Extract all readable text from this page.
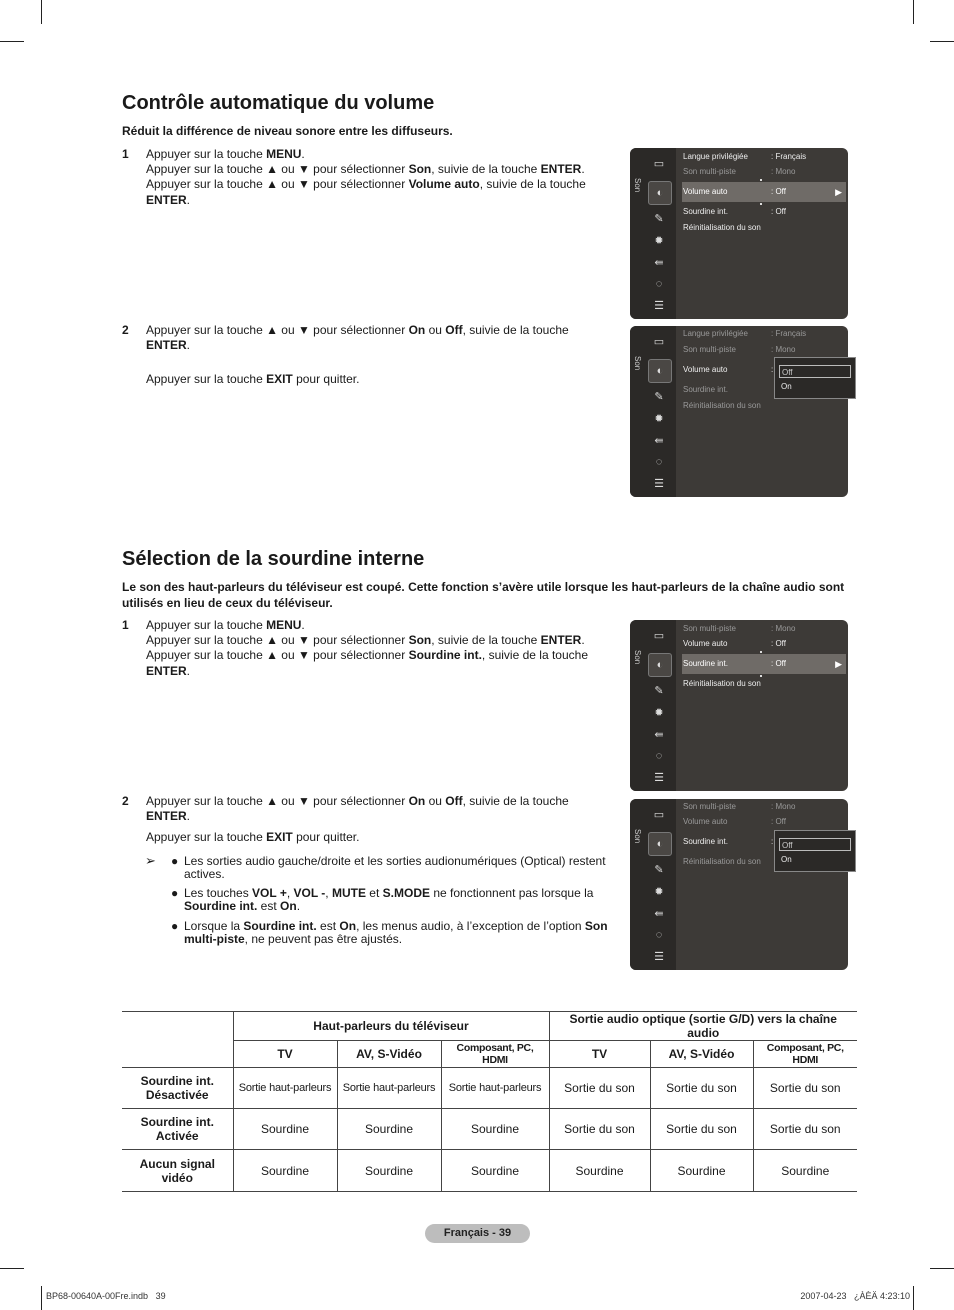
Contrôle automatique du volume

Réduit la différence de niveau sonore entre les diffuseurs.

1 Appuyer sur la touche MENU.

Appuyer sur la touche ▲ ou ▼ pour sélectionner Son, suivie de la touche ENTER.

Appuyer sur la touche ▲ ou ▼ pour sélectionner Volume auto, suivie de la touche

ENTER.

2 Appuyer sur la touche ▲ ou ▼ pour sélectionner On ou Off, suivie de la touche

ENTER.

Appuyer sur la touche EXIT pour quitter.

Son
▭
◐
✎
✹
⇚
◌
☰
Langue privilégiée	: Français
Son multi-piste	: Mono
Volume auto	: Off	▶
Sourdine int.	: Off
Réinitialisation du son
Son
▭
◐
✎
✹
⇚
◌
☰
Langue privilégiée	: Français
Son multi-piste	: Mono
Volume auto	:
Sourdine int.
Réinitialisation du son
Off
On
Sélection de la sourdine interne

Le son des haut-parleurs du téléviseur est coupé. Cette fonction s’avère utile lorsque les haut-parleurs de la chaîne audio sont utilisés en lieu de ceux du téléviseur.

1 Appuyer sur la touche MENU.

Appuyer sur la touche ▲ ou ▼ pour sélectionner Son, suivie de la touche ENTER.

Appuyer sur la touche ▲ ou ▼ pour sélectionner Sourdine int., suivie de la touche

ENTER.

2 Appuyer sur la touche ▲ ou ▼ pour sélectionner On ou Off, suivie de la touche

ENTER.

Appuyer sur la touche EXIT pour quitter.

➢ ● Les sorties audio gauche/droite et les sorties audionumériques (Optical) restent actives.
● Les touches VOL +, VOL -, MUTE et S.MODE ne fonctionnent pas lorsque la Sourdine int. est On.
● Lorsque la Sourdine int. est On, les menus audio, à l’exception de l’option Son multi-piste, ne peuvent pas être ajustés.
Son
▭
◐
✎
✹
⇚
◌
☰
Son multi-piste	: Mono
Volume auto	: Off
Sourdine int.	: Off	▶
Réinitialisation du son
Son
▭
◐
✎
✹
⇚
◌
☰
Son multi-piste	: Mono
Volume auto	: Off
Sourdine int.	:
Réinitialisation du son
Off
On
	Haut-parleurs du téléviseur			Sortie audio optique (sortie G/D) vers la chaîne audio		
	TV	AV, S-Vidéo	Composant, PC, HDMI	TV	AV, S-Vidéo	Composant, PC, HDMI
Sourdine int. Désactivée	Sortie haut-parleurs	Sortie haut-parleurs	Sortie haut-parleurs	Sortie du son	Sortie du son	Sortie du son
Sourdine int. Activée	Sourdine	Sourdine	Sourdine	Sortie du son	Sortie du son	Sortie du son
Aucun signal vidéo	Sourdine	Sourdine	Sourdine	Sourdine	Sourdine	Sourdine
Français - 39
BP68-00640A-00Fre.indb   39	2007-04-23   ¿ÀÈÄ 4:23:10
